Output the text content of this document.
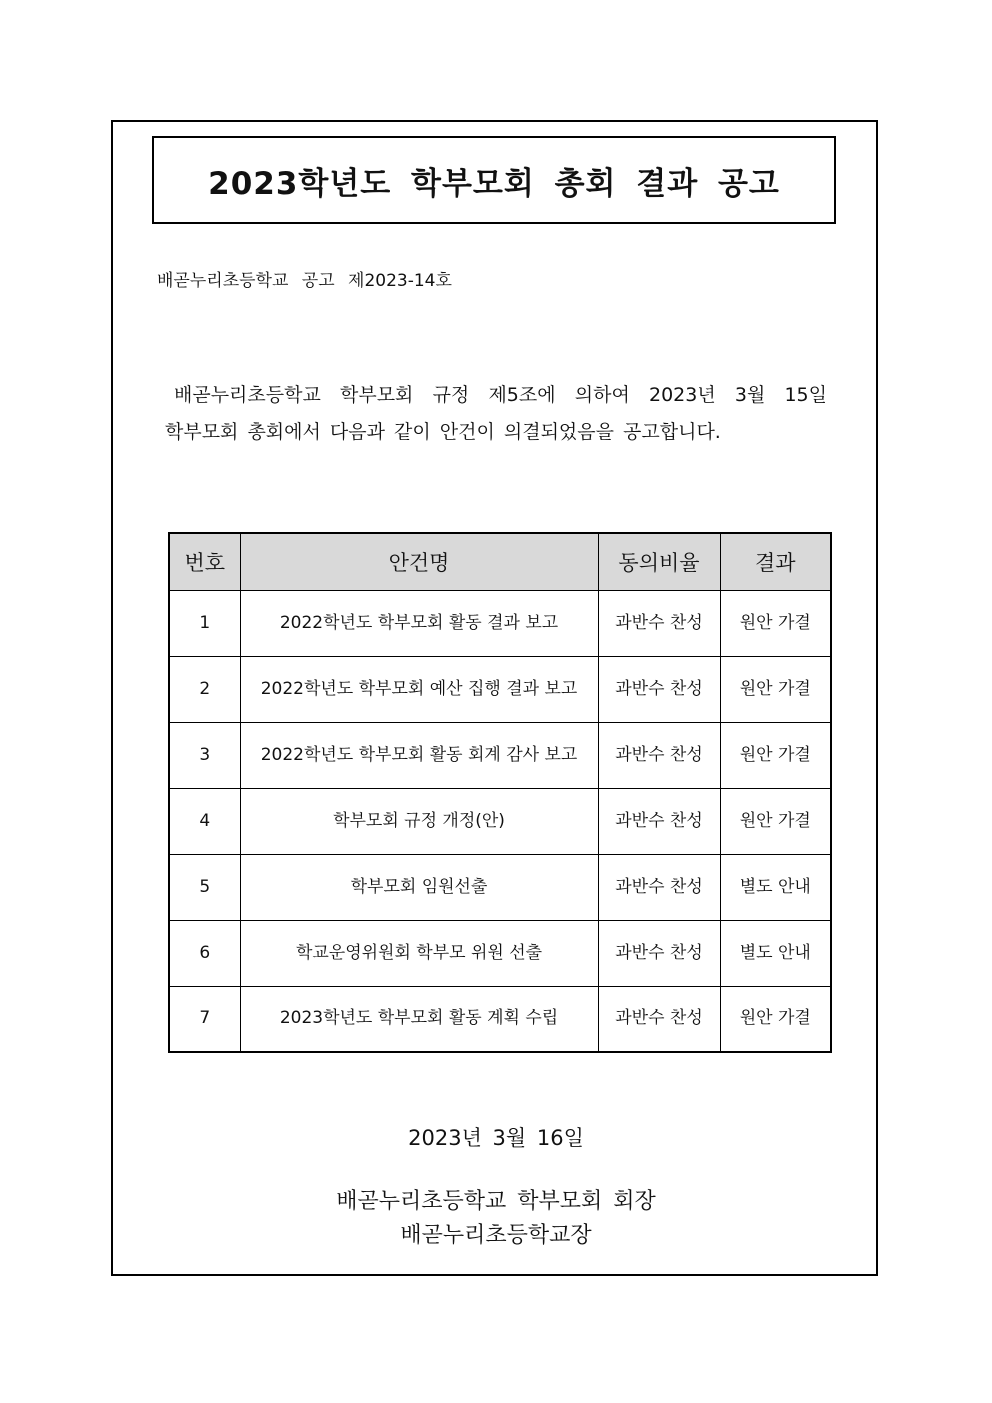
2023학년도 학부모회 총회 결과 공고
배곧누리초등학교 공고 제2023-14호
배곧누리초등학교 학부모회 규정 제5조에 의하여 2023년 3월 15일
학부모회 총회에서 다음과 같이 안건이 의결되었음을 공고합니다.
번호	안건명	동의비율	결과
1	2022학년도 학부모회 활동 결과 보고	과반수 찬성	원안 가결
2	2022학년도 학부모회 예산 집행 결과 보고	과반수 찬성	원안 가결
3	2022학년도 학부모회 활동 회계 감사 보고	과반수 찬성	원안 가결
4	학부모회 규정 개정(안)	과반수 찬성	원안 가결
5	학부모회 임원선출	과반수 찬성	별도 안내
6	학교운영위원회 학부모 위원 선출	과반수 찬성	별도 안내
7	2023학년도 학부모회 활동 계획 수립	과반수 찬성	원안 가결
2023년 3월 16일
배곧누리초등학교 학부모회 회장
배곧누리초등학교장
